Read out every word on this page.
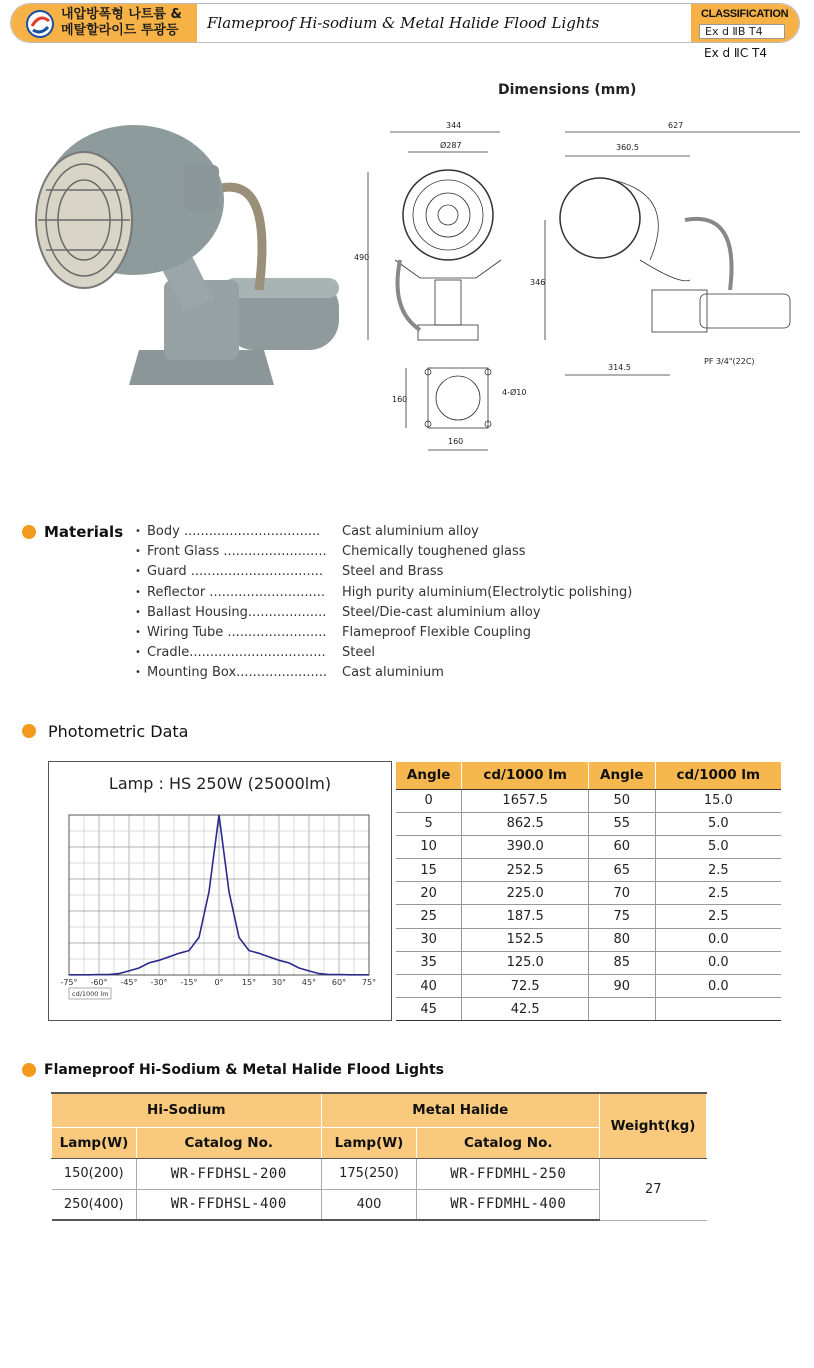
내압방폭형 나트륨 &
메탈할라이드 투광등 Flameproof Hi-sodium & Metal Halide Flood Lights	CLASSIFICATION
Ex d ⅡB T4
Ex d ⅡC T4
Dimensions (mm)
344
Ø287
490
627
360.5
346
314.5
PF 3/4"(22C)
4-Ø10
160
160
Materials • Body .................................	Cast aluminium alloy
• Front Glass .........................	Chemically toughened glass
• Guard ................................	Steel and Brass
• Reflector ............................	High purity aluminium(Electrolytic polishing)
• Ballast Housing...................	Steel/Die-cast aluminium alloy
• Wiring Tube ........................	Flameproof Flexible Coupling
• Cradle.................................	Steel
• Mounting Box......................	Cast aluminium
Photometric Data
Lamp : HS 250W (25000lm)
-75° -60° -45° -30° -15° 0° 15° 30° 45° 60° 75°
cd/1000 lm
Angle	cd/1000 lm	Angle	cd/1000 lm
0	1657.5	50	15.0
5	862.5	55	5.0
10	390.0	60	5.0
15	252.5	65	2.5
20	225.0	70	2.5
25	187.5	75	2.5
30	152.5	80	0.0
35	125.0	85	0.0
40	72.5	90	0.0
45	42.5		
Flameproof Hi-Sodium & Metal Halide Flood Lights
Hi-Sodium		Metal Halide		Weight(kg)
Lamp(W)	Catalog No.	Lamp(W)	Catalog No.	
150(200)	WR-FFDHSL-200	175(250)	WR-FFDMHL-250	27
250(400)	WR-FFDHSL-400	400	WR-FFDMHL-400	
